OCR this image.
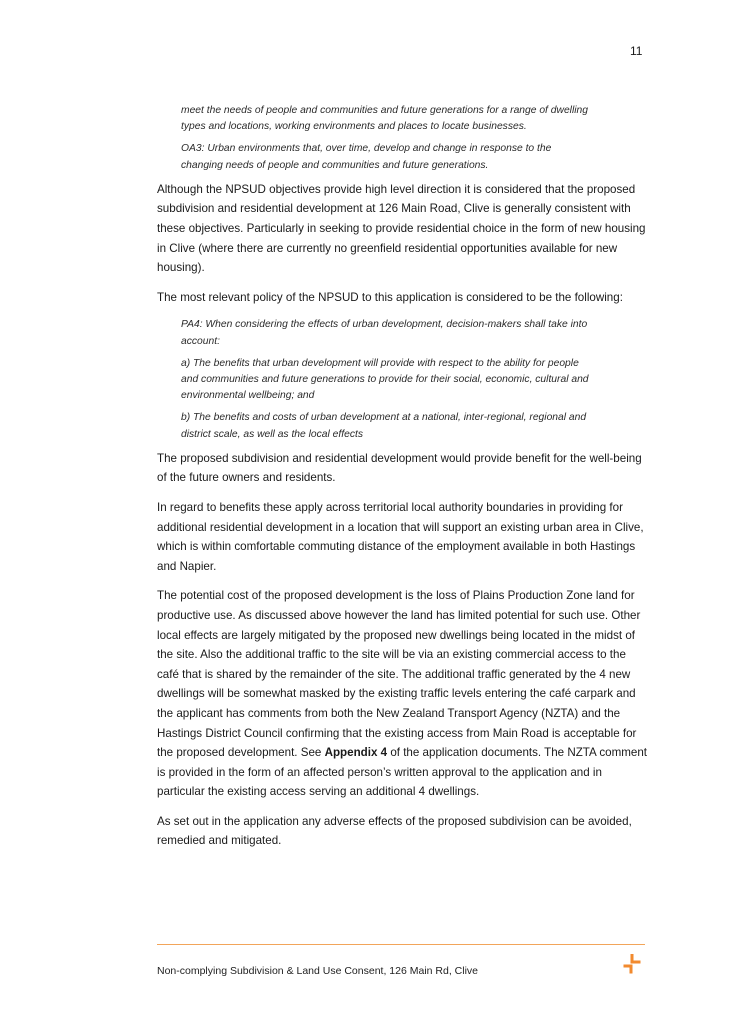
11

meet the needs of people and communities and future generations for a range of dwelling types and locations, working environments and places to locate businesses.

OA3: Urban environments that, over time, develop and change in response to the changing needs of people and communities and future generations.

Although the NPSUD objectives provide high level direction it is considered that the proposed subdivision and residential development at 126 Main Road, Clive is generally consistent with these objectives. Particularly in seeking to provide residential choice in the form of new housing in Clive (where there are currently no greenfield residential opportunities available for new housing).

The most relevant policy of the NPSUD to this application is considered to be the following:

PA4: When considering the effects of urban development, decision-makers shall take into account:

a) The benefits that urban development will provide with respect to the ability for people and communities and future generations to provide for their social, economic, cultural and environmental wellbeing; and

b) The benefits and costs of urban development at a national, inter-regional, regional and district scale, as well as the local effects

The proposed subdivision and residential development would provide benefit for the well-being of the future owners and residents.

In regard to benefits these apply across territorial local authority boundaries in providing for additional residential development in a location that will support an existing urban area in Clive, which is within comfortable commuting distance of the employment available in both Hastings and Napier.

The potential cost of the proposed development is the loss of Plains Production Zone land for productive use. As discussed above however the land has limited potential for such use. Other local effects are largely mitigated by the proposed new dwellings being located in the midst of the site. Also the additional traffic to the site will be via an existing commercial access to the café that is shared by the remainder of the site. The additional traffic generated by the 4 new dwellings will be somewhat masked by the existing traffic levels entering the café carpark and the applicant has comments from both the New Zealand Transport Agency (NZTA) and the Hastings District Council confirming that the existing access from Main Road is acceptable for the proposed development. See Appendix 4 of the application documents. The NZTA comment is provided in the form of an affected person’s written approval to the application and in particular the existing access serving an additional 4 dwellings.

As set out in the application any adverse effects of the proposed subdivision can be avoided, remedied and mitigated.

Non-complying Subdivision & Land Use Consent, 126 Main Rd, Clive
